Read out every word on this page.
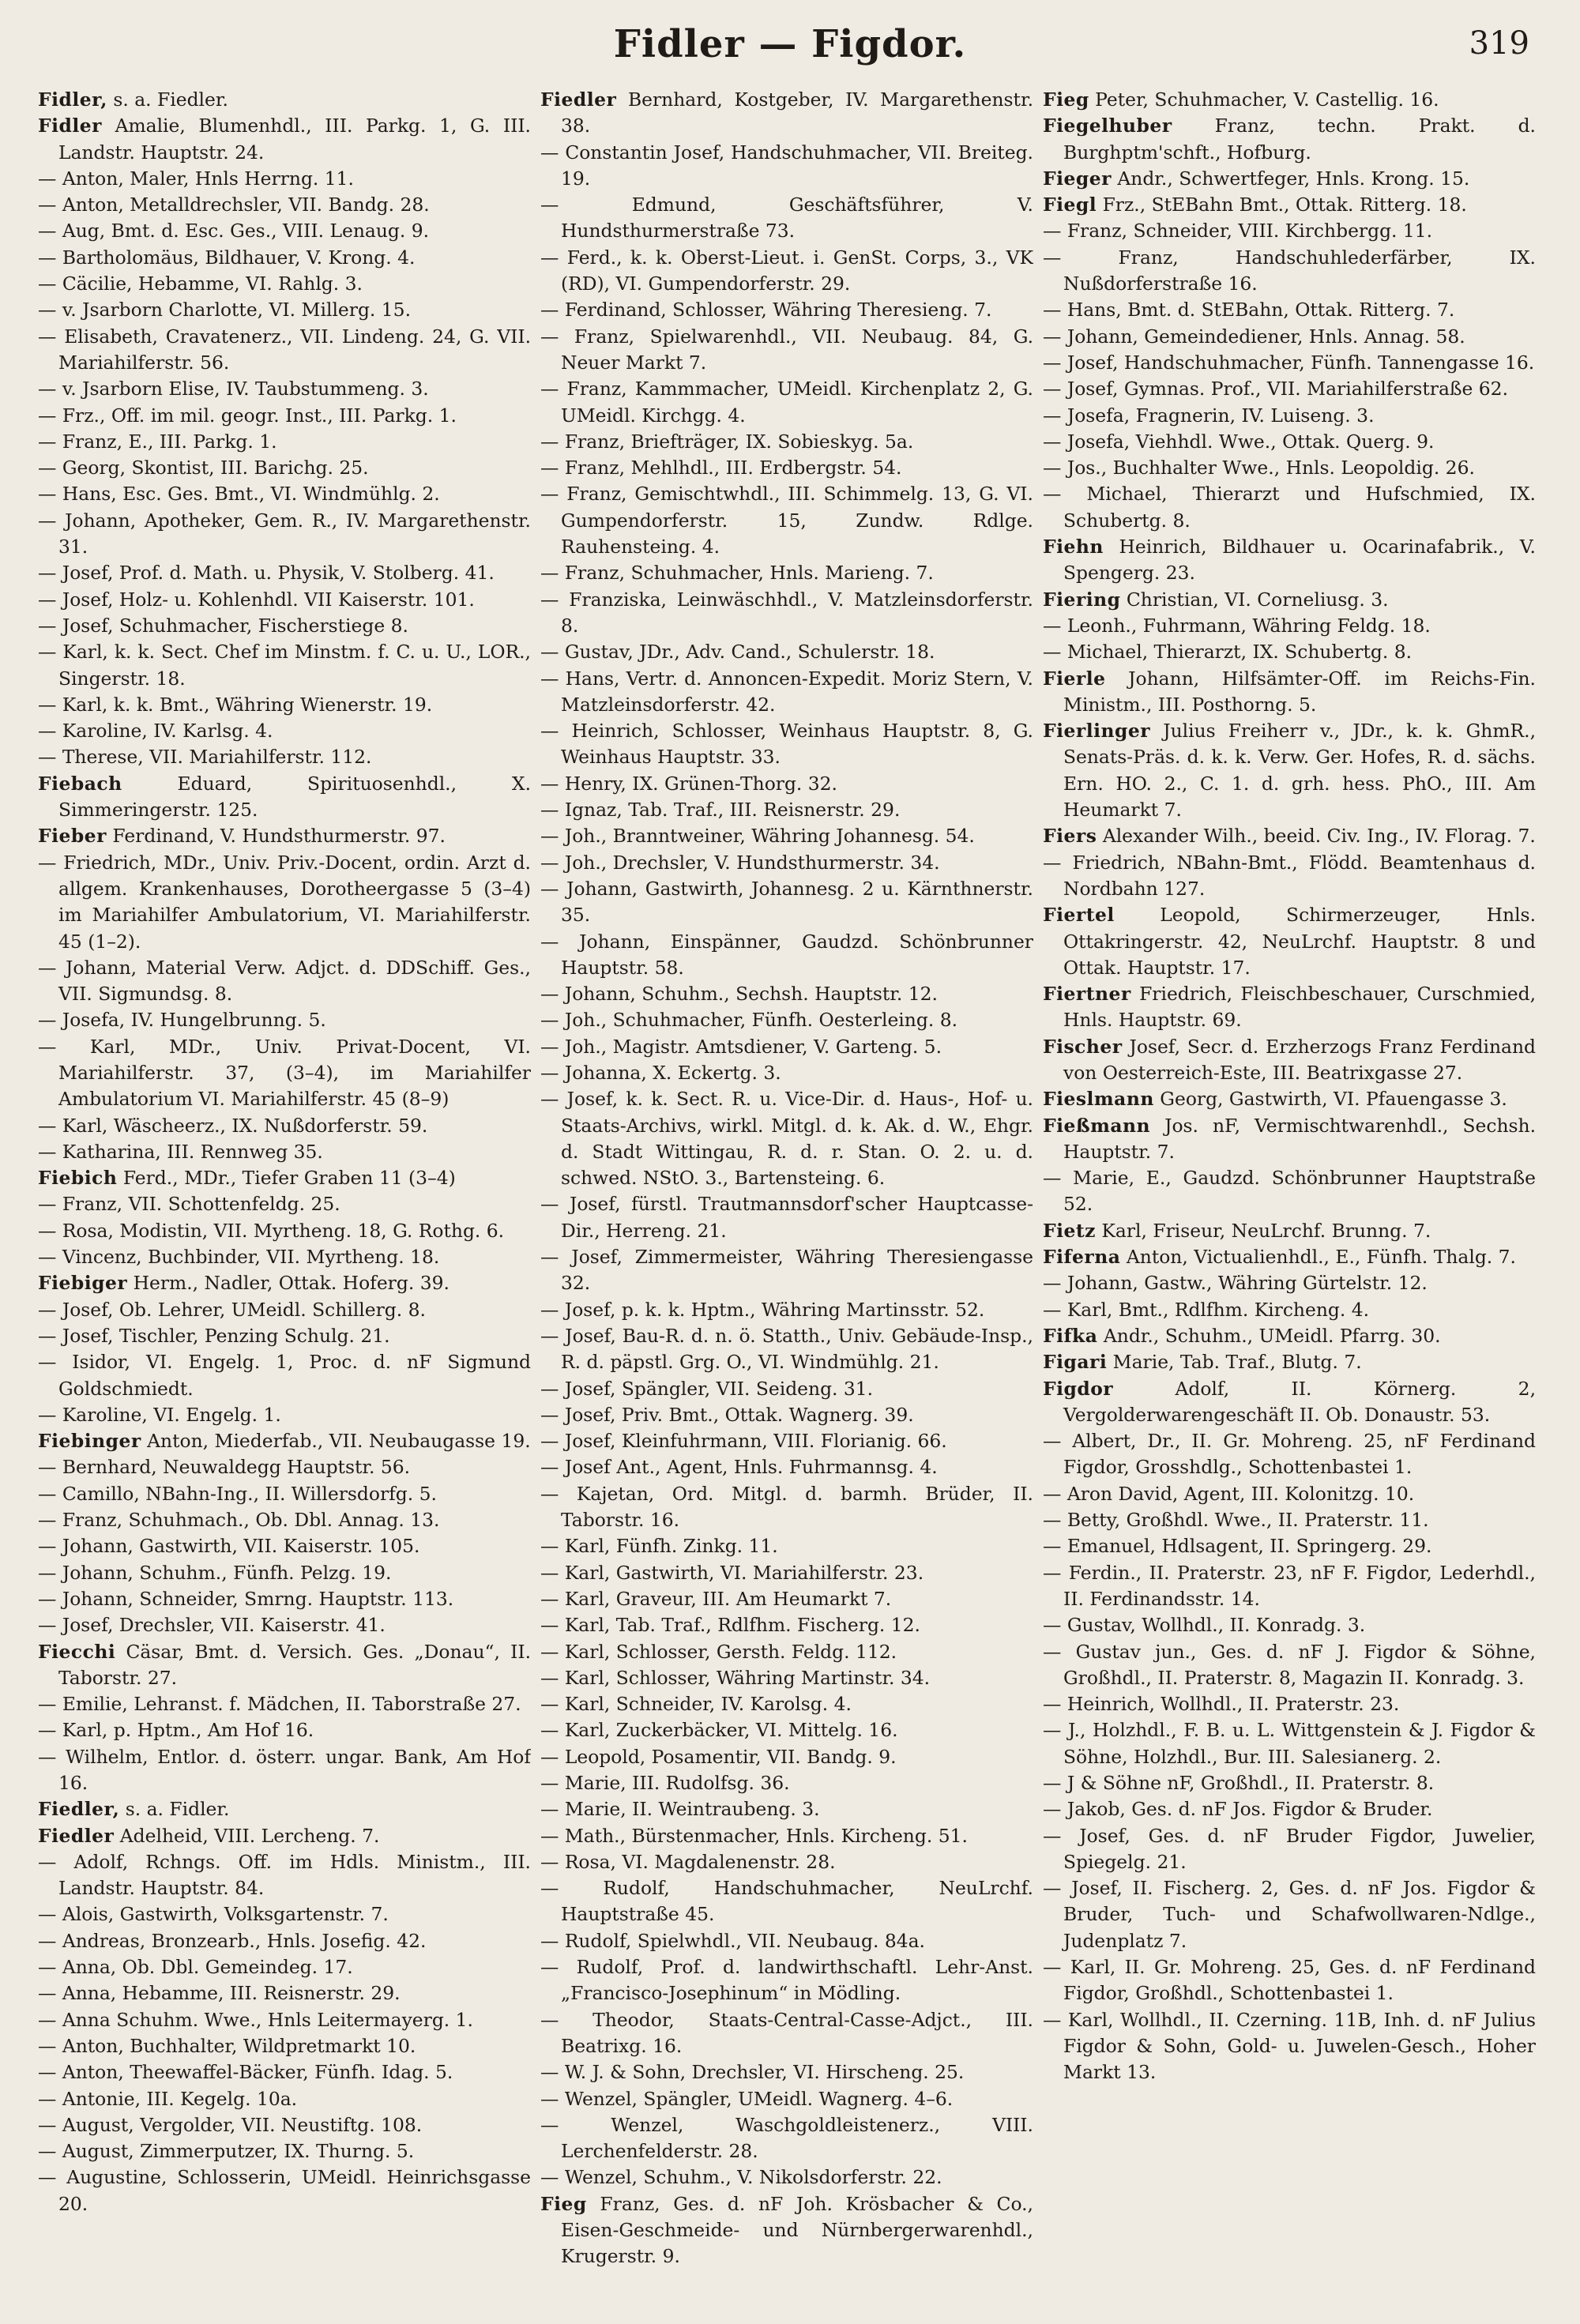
Fidler — Figdor.	319

Fidler, s. a. Fiedler.

Fidler Amalie, Blumenhdl., III. Parkg. 1, G. III. Landstr. Hauptstr. 24.

— Anton, Maler, Hnls Herrng. 11.

— Anton, Metalldrechsler, VII. Bandg. 28.

— Aug, Bmt. d. Esc. Ges., VIII. Lenaug. 9.

— Bartholomäus, Bildhauer, V. Krong. 4.

— Cäcilie, Hebamme, VI. Rahlg. 3.

— v. Jsarborn Charlotte, VI. Millerg. 15.

— Elisabeth, Cravatenerz., VII. Lindeng. 24, G. VII. Mariahilferstr. 56.

— v. Jsarborn Elise, IV. Taubstummeng. 3.

— Frz., Off. im mil. geogr. Inst., III. Parkg. 1.

— Franz, E., III. Parkg. 1.

— Georg, Skontist, III. Barichg. 25.

— Hans, Esc. Ges. Bmt., VI. Windmühlg. 2.

— Johann, Apotheker, Gem. R., IV. Margarethenstr. 31.

— Josef, Prof. d. Math. u. Physik, V. Stolberg. 41.

— Josef, Holz- u. Kohlenhdl. VII Kaiserstr. 101.

— Josef, Schuhmacher, Fischerstiege 8.

— Karl, k. k. Sect. Chef im Minstm. f. C. u. U., LOR., Singerstr. 18.

— Karl, k. k. Bmt., Währing Wienerstr. 19.

— Karoline, IV. Karlsg. 4.

— Therese, VII. Mariahilferstr. 112.

Fiebach	Eduard, Spirituosenhdl., X. Simmeringerstr. 125.

Fieber Ferdinand, V. Hundsthurmerstr. 97.

— Friedrich, MDr., Univ. Priv.-Docent, ordin. Arzt d. allgem. Krankenhauses, Dorotheergasse 5 (3–4) im Mariahilfer Ambulatorium, VI. Mariahilferstr. 45 (1–2).

— Johann, Material Verw. Adjct. d. DDSchiff. Ges., VII. Sigmundsg. 8.

— Josefa, IV. Hungelbrunng. 5.

— Karl, MDr., Univ. Privat-Docent, VI. Mariahilferstr. 37, (3–4), im Mariahilfer Ambulatorium VI. Mariahilferstr. 45 (8–9)

— Karl, Wäscheerz., IX. Nußdorferstr. 59.

— Katharina, III. Rennweg 35.

Fiebich Ferd., MDr., Tiefer Graben 11 (3–4)

— Franz, VII. Schottenfeldg. 25.

— Rosa, Modistin, VII. Myrtheng. 18, G. Rothg. 6.

— Vincenz, Buchbinder, VII. Myrtheng. 18.

Fiebiger Herm., Nadler, Ottak. Hoferg. 39.

— Josef, Ob. Lehrer, UMeidl. Schillerg. 8.

— Josef, Tischler, Penzing Schulg. 21.

— Isidor, VI. Engelg. 1, Proc. d. nF Sigmund Goldschmiedt.

— Karoline, VI. Engelg. 1.

Fiebinger Anton, Miederfab., VII. Neubaugasse 19.

— Bernhard, Neuwaldegg Hauptstr. 56.

— Camillo, NBahn-Ing., II. Willersdorfg. 5.

— Franz, Schuhmach., Ob. Dbl. Annag. 13.

— Johann, Gastwirth, VII. Kaiserstr. 105.

— Johann, Schuhm., Fünfh. Pelzg. 19.

— Johann, Schneider, Smrng. Hauptstr. 113.

— Josef, Drechsler, VII. Kaiserstr. 41.

Fiecchi Cäsar, Bmt. d. Versich. Ges. „Donau“, II. Taborstr. 27.

— Emilie, Lehranst. f. Mädchen, II. Taborstraße 27.

— Karl, p. Hptm., Am Hof 16.

— Wilhelm, Entlor. d. österr. ungar. Bank, Am Hof 16.

Fiedler, s. a. Fidler.

Fiedler Adelheid, VIII. Lercheng. 7.

— Adolf, Rchngs. Off. im Hdls. Ministm., III. Landstr. Hauptstr. 84.

— Alois, Gastwirth, Volksgartenstr. 7.

— Andreas, Bronzearb., Hnls. Josefig. 42.

— Anna, Ob. Dbl. Gemeindeg. 17.

— Anna, Hebamme, III. Reisnerstr. 29.

— Anna Schuhm. Wwe., Hnls Leitermayerg. 1.

— Anton, Buchhalter, Wildpretmarkt 10.

— Anton, Theewaffel-Bäcker, Fünfh. Idag. 5.

— Antonie, III. Kegelg. 10a.

— August, Vergolder, VII. Neustiftg. 108.

— August, Zimmerputzer, IX. Thurng. 5.

— Augustine, Schlosserin, UMeidl. Heinrichsgasse 20.

Fiedler Bernhard, Kostgeber, IV. Margarethenstr. 38.

— Constantin Josef, Handschuhmacher, VII. Breiteg. 19.

— Edmund, Geschäftsführer, V. Hundsthurmerstraße 73.

— Ferd., k. k. Oberst-Lieut. i. GenSt. Corps, 3., VK (RD), VI. Gumpendorferstr. 29.

— Ferdinand, Schlosser, Währing Theresieng. 7.

— Franz, Spielwarenhdl., VII. Neubaug. 84, G. Neuer Markt 7.

— Franz, Kammmacher, UMeidl. Kirchenplatz 2, G. UMeidl. Kirchgg. 4.

— Franz, Briefträger, IX. Sobieskyg. 5a.

— Franz, Mehlhdl., III. Erdbergstr. 54.

— Franz, Gemischtwhdl., III. Schimmelg. 13, G. VI. Gumpendorferstr. 15, Zundw. Rdlge. Rauhensteing. 4.

— Franz, Schuhmacher, Hnls. Marieng. 7.

— Franziska, Leinwäschhdl., V. Matzleinsdorferstr. 8.

— Gustav, JDr., Adv. Cand., Schulerstr. 18.

— Hans, Vertr. d. Annoncen-Expedit. Moriz Stern, V. Matzleinsdorferstr. 42.

— Heinrich, Schlosser, Weinhaus Hauptstr. 8, G. Weinhaus Hauptstr. 33.

— Henry, IX. Grünen-Thorg. 32.

— Ignaz, Tab. Traf., III. Reisnerstr. 29.

— Joh., Branntweiner, Währing Johannesg. 54.

— Joh., Drechsler, V. Hundsthurmerstr. 34.

— Johann, Gastwirth, Johannesg. 2 u. Kärnthnerstr. 35.

— Johann, Einspänner, Gaudzd. Schönbrunner Hauptstr. 58.

— Johann, Schuhm., Sechsh. Hauptstr. 12.

— Joh., Schuhmacher, Fünfh. Oesterleing. 8.

— Joh., Magistr. Amtsdiener, V. Garteng. 5.

— Johanna, X. Eckertg. 3.

— Josef, k. k. Sect. R. u. Vice-Dir. d. Haus-, Hof- u. Staats-Archivs, wirkl. Mitgl. d. k. Ak. d. W., Ehgr. d. Stadt Wittingau, R. d. r. Stan. O. 2. u. d. schwed. NStO. 3., Bartensteing. 6.

— Josef, fürstl. Trautmannsdorf'scher Hauptcasse-Dir., Herreng. 21.

— Josef, Zimmermeister, Währing Theresiengasse 32.

— Josef, p. k. k. Hptm., Währing Martinsstr. 52.

— Josef, Bau-R. d. n. ö. Statth., Univ. Gebäude-Insp., R. d. päpstl. Grg. O., VI. Windmühlg. 21.

— Josef, Spängler, VII. Seideng. 31.

— Josef, Priv. Bmt., Ottak. Wagnerg. 39.

— Josef, Kleinfuhrmann, VIII. Florianig. 66.

— Josef Ant., Agent, Hnls. Fuhrmannsg. 4.

— Kajetan, Ord. Mitgl. d. barmh. Brüder, II. Taborstr. 16.

— Karl, Fünfh. Zinkg. 11.

— Karl, Gastwirth, VI. Mariahilferstr. 23.

— Karl, Graveur, III. Am Heumarkt 7.

— Karl, Tab. Traf., Rdlfhm. Fischerg. 12.

— Karl, Schlosser, Gersth. Feldg. 112.

— Karl, Schlosser, Währing Martinstr. 34.

— Karl, Schneider, IV. Karolsg. 4.

— Karl, Zuckerbäcker, VI. Mittelg. 16.

— Leopold, Posamentir, VII. Bandg. 9.

— Marie, III. Rudolfsg. 36.

— Marie, II. Weintraubeng. 3.

— Math., Bürstenmacher, Hnls. Kircheng. 51.

— Rosa, VI. Magdalenenstr. 28.

— Rudolf, Handschuhmacher, NeuLrchf. Hauptstraße 45.

— Rudolf, Spielwhdl., VII. Neubaug. 84a.

— Rudolf, Prof. d. landwirthschaftl. Lehr-Anst. „Francisco-Josephinum“ in Mödling.

— Theodor, Staats-Central-Casse-Adjct., III. Beatrixg. 16.

— W. J. & Sohn, Drechsler, VI. Hirscheng. 25.

— Wenzel, Spängler, UMeidl. Wagnerg. 4–6.

— Wenzel, Waschgoldleistenerz., VIII. Lerchenfelderstr. 28.

— Wenzel, Schuhm., V. Nikolsdorferstr. 22.

Fieg Franz, Ges. d. nF Joh. Krösbacher & Co., Eisen-Geschmeide- und Nürnbergerwarenhdl., Krugerstr. 9.

Fieg Peter, Schuhmacher, V. Castellig. 16.

Fiegelhuber Franz, techn. Prakt. d. Burghptm'schft., Hofburg.

Fieger Andr., Schwertfeger, Hnls. Krong. 15.

Fiegl Frz., StEBahn Bmt., Ottak. Ritterg. 18.

— Franz, Schneider, VIII. Kirchbergg. 11.

— Franz, Handschuhlederfärber, IX. Nußdorferstraße 16.

— Hans, Bmt. d. StEBahn, Ottak. Ritterg. 7.

— Johann, Gemeindediener, Hnls. Annag. 58.

— Josef, Handschuhmacher, Fünfh. Tannengasse 16.

— Josef, Gymnas. Prof., VII. Mariahilferstraße 62.

— Josefa, Fragnerin, IV. Luiseng. 3.

— Josefa, Viehhdl. Wwe., Ottak. Querg. 9.

— Jos., Buchhalter Wwe., Hnls. Leopoldig. 26.

— Michael, Thierarzt und Hufschmied, IX. Schubertg. 8.

Fiehn Heinrich, Bildhauer u. Ocarinafabrik., V. Spengerg. 23.

Fiering Christian, VI. Corneliusg. 3.

— Leonh., Fuhrmann, Währing Feldg. 18.

— Michael, Thierarzt, IX. Schubertg. 8.

Fierle Johann, Hilfsämter-Off. im Reichs-Fin. Ministm., III. Posthorng. 5.

Fierlinger Julius Freiherr v., JDr., k. k. GhmR., Senats-Präs. d. k. k. Verw. Ger. Hofes, R. d. sächs. Ern. HO. 2., C. 1. d. grh. hess. PhO., III. Am Heumarkt 7.

Fiers Alexander Wilh., beeid. Civ. Ing., IV. Florag. 7.

— Friedrich, NBahn-Bmt., Flödd. Beamtenhaus d. Nordbahn 127.

Fiertel Leopold, Schirmerzeuger, Hnls. Ottakringerstr. 42, NeuLrchf. Hauptstr. 8 und Ottak. Hauptstr. 17.

Fiertner Friedrich, Fleischbeschauer, Curschmied, Hnls. Hauptstr. 69.

Fischer Josef, Secr. d. Erzherzogs Franz Ferdinand von Oesterreich-Este, III. Beatrixgasse 27.

Fieslmann Georg, Gastwirth, VI. Pfauengasse 3.

Fießmann Jos. nF, Vermischtwarenhdl., Sechsh. Hauptstr. 7.

— Marie, E., Gaudzd. Schönbrunner Hauptstraße 52.

Fietz Karl, Friseur, NeuLrchf. Brunng. 7.

Fiferna Anton, Victualienhdl., E., Fünfh. Thalg. 7.

— Johann, Gastw., Währing Gürtelstr. 12.

— Karl, Bmt., Rdlfhm. Kircheng. 4.

Fifka Andr., Schuhm., UMeidl. Pfarrg. 30.

Figari Marie, Tab. Traf., Blutg. 7.

Figdor	Adolf, II. Körnerg. 2, Vergolderwarengeschäft II. Ob. Donaustr. 53.

— Albert, Dr., II. Gr. Mohreng. 25, nF Ferdinand Figdor, Grosshdlg., Schottenbastei 1.

— Aron David, Agent, III. Kolonitzg. 10.

— Betty, Großhdl. Wwe., II. Praterstr. 11.

— Emanuel, Hdlsagent, II. Springerg. 29.

— Ferdin., II. Praterstr. 23, nF F. Figdor, Lederhdl., II. Ferdinandsstr. 14.

— Gustav, Wollhdl., II. Konradg. 3.

— Gustav jun., Ges. d. nF J. Figdor & Söhne, Großhdl., II. Praterstr. 8, Magazin II. Konradg. 3.

— Heinrich, Wollhdl., II. Praterstr. 23.

— J., Holzhdl., F. B. u. L. Wittgenstein & J. Figdor & Söhne, Holzhdl., Bur. III. Salesianerg. 2.

— J & Söhne nF, Großhdl., II. Praterstr. 8.

— Jakob, Ges. d. nF Jos. Figdor & Bruder.

— Josef, Ges. d. nF Bruder Figdor, Juwelier, Spiegelg. 21.

— Josef, II. Fischerg. 2, Ges. d. nF Jos. Figdor & Bruder, Tuch- und Schafwollwaren-Ndlge., Judenplatz 7.

— Karl, II. Gr. Mohreng. 25, Ges. d. nF Ferdinand Figdor, Großhdl., Schottenbastei 1.

— Karl, Wollhdl., II. Czerning. 11B, Inh. d. nF Julius Figdor & Sohn, Gold- u. Juwelen-Gesch., Hoher Markt 13.
